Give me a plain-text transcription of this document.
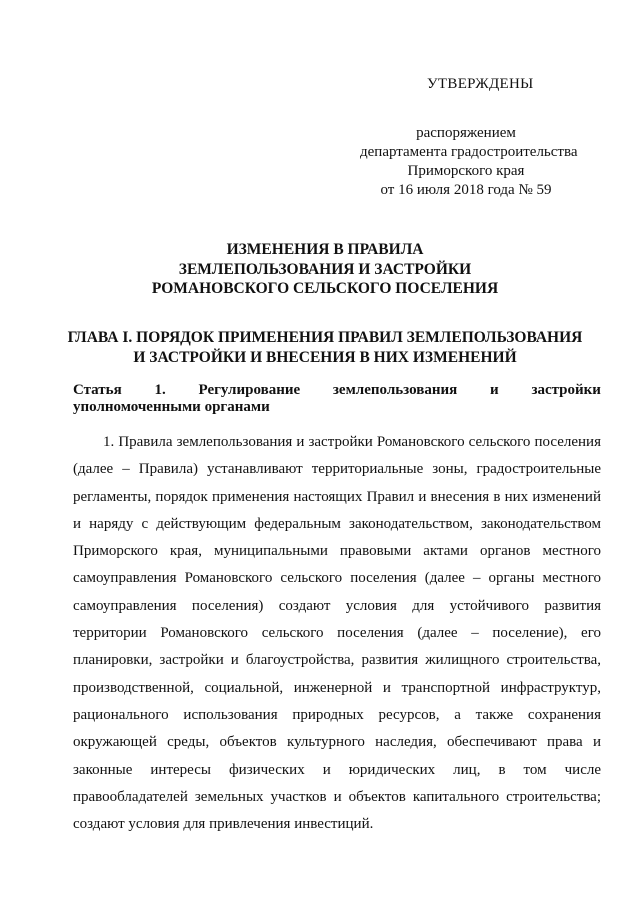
УТВЕРЖДЕНЫ
распоряжением
департамента градостроительства
Приморского края
от 16 июля 2018 года № 59
ИЗМЕНЕНИЯ В ПРАВИЛА
ЗЕМЛЕПОЛЬЗОВАНИЯ И ЗАСТРОЙКИ
РОМАНОВСКОГО СЕЛЬСКОГО ПОСЕЛЕНИЯ
ГЛАВА I. ПОРЯДОК ПРИМЕНЕНИЯ ПРАВИЛ ЗЕМЛЕПОЛЬЗОВАНИЯ
И ЗАСТРОЙКИ И ВНЕСЕНИЯ В НИХ ИЗМЕНЕНИЙ
Статья 1. Регулирование землепользования и застройки
уполномоченными органами

1. Правила землепользования и застройки Романовского сельского поселения (далее – Правила) устанавливают территориальные зоны, градостроительные регламенты, порядок применения настоящих Правил и внесения в них изменений и наряду с действующим федеральным законодательством, законодательством Приморского края, муниципальными правовыми актами органов местного самоуправления Романовского сельского поселения (далее – органы местного самоуправления поселения) создают условия для устойчивого развития территории Романовского сельского поселения (далее – поселение), его планировки, застройки и благоустройства, развития жилищного строительства, производственной, социальной, инженерной и транспортной инфраструктур, рационального использования природных ресурсов, а также сохранения окружающей среды, объектов культурного наследия, обеспечивают права и законные интересы физических и юридических лиц, в том числе правообладателей земельных участков и объектов капитального строительства; создают условия для привлечения инвестиций.
